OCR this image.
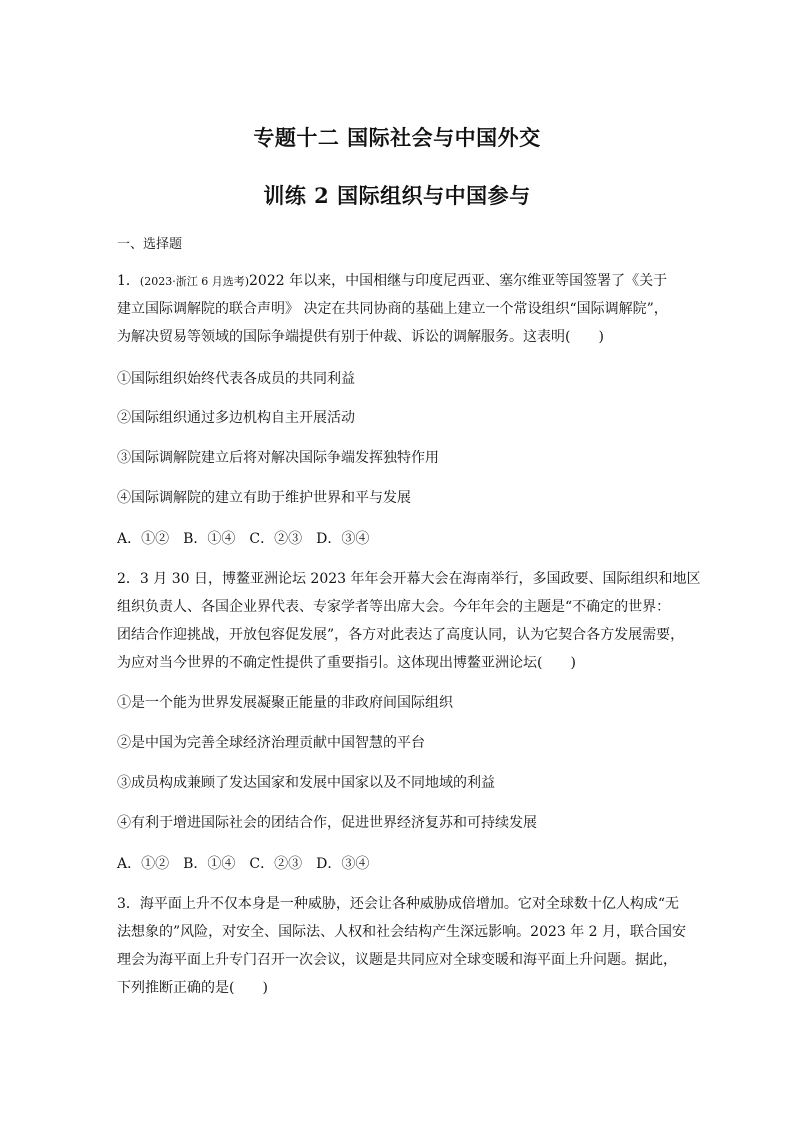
专题十二 国际社会与中国外交
训练 2 国际组织与中国参与
一、选择题
1．(2023·浙江 6 月选考)2022 年以来，中国相继与印度尼西亚、塞尔维亚等国签署了《关于
建立国际调解院的联合声明》 决定在共同协商的基础上建立一个常设组织“国际调解院”，
为解决贸易等领域的国际争端提供有别于仲裁、诉讼的调解服务。这表明(　　)
①国际组织始终代表各成员的共同利益
②国际组织通过多边机构自主开展活动
③国际调解院建立后将对解决国际争端发挥独特作用
④国际调解院的建立有助于维护世界和平与发展
A．①②　B．①④　C．②③　D．③④
2．3 月 30 日，博鳌亚洲论坛 2023 年年会开幕大会在海南举行，多国政要、国际组织和地区
组织负责人、各国企业界代表、专家学者等出席大会。今年年会的主题是“不确定的世界：
团结合作迎挑战，开放包容促发展”，各方对此表达了高度认同，认为它契合各方发展需要，
为应对当今世界的不确定性提供了重要指引。这体现出博鳌亚洲论坛(　　)
①是一个能为世界发展凝聚正能量的非政府间国际组织
②是中国为完善全球经济治理贡献中国智慧的平台
③成员构成兼顾了发达国家和发展中国家以及不同地域的利益
④有利于增进国际社会的团结合作，促进世界经济复苏和可持续发展
A．①②　B．①④　C．②③　D．③④
3．海平面上升不仅本身是一种威胁，还会让各种威胁成倍增加。它对全球数十亿人构成“无
法想象的”风险，对安全、国际法、人权和社会结构产生深远影响。2023 年 2 月，联合国安
理会为海平面上升专门召开一次会议，议题是共同应对全球变暖和海平面上升问题。据此，
下列推断正确的是(　　)
